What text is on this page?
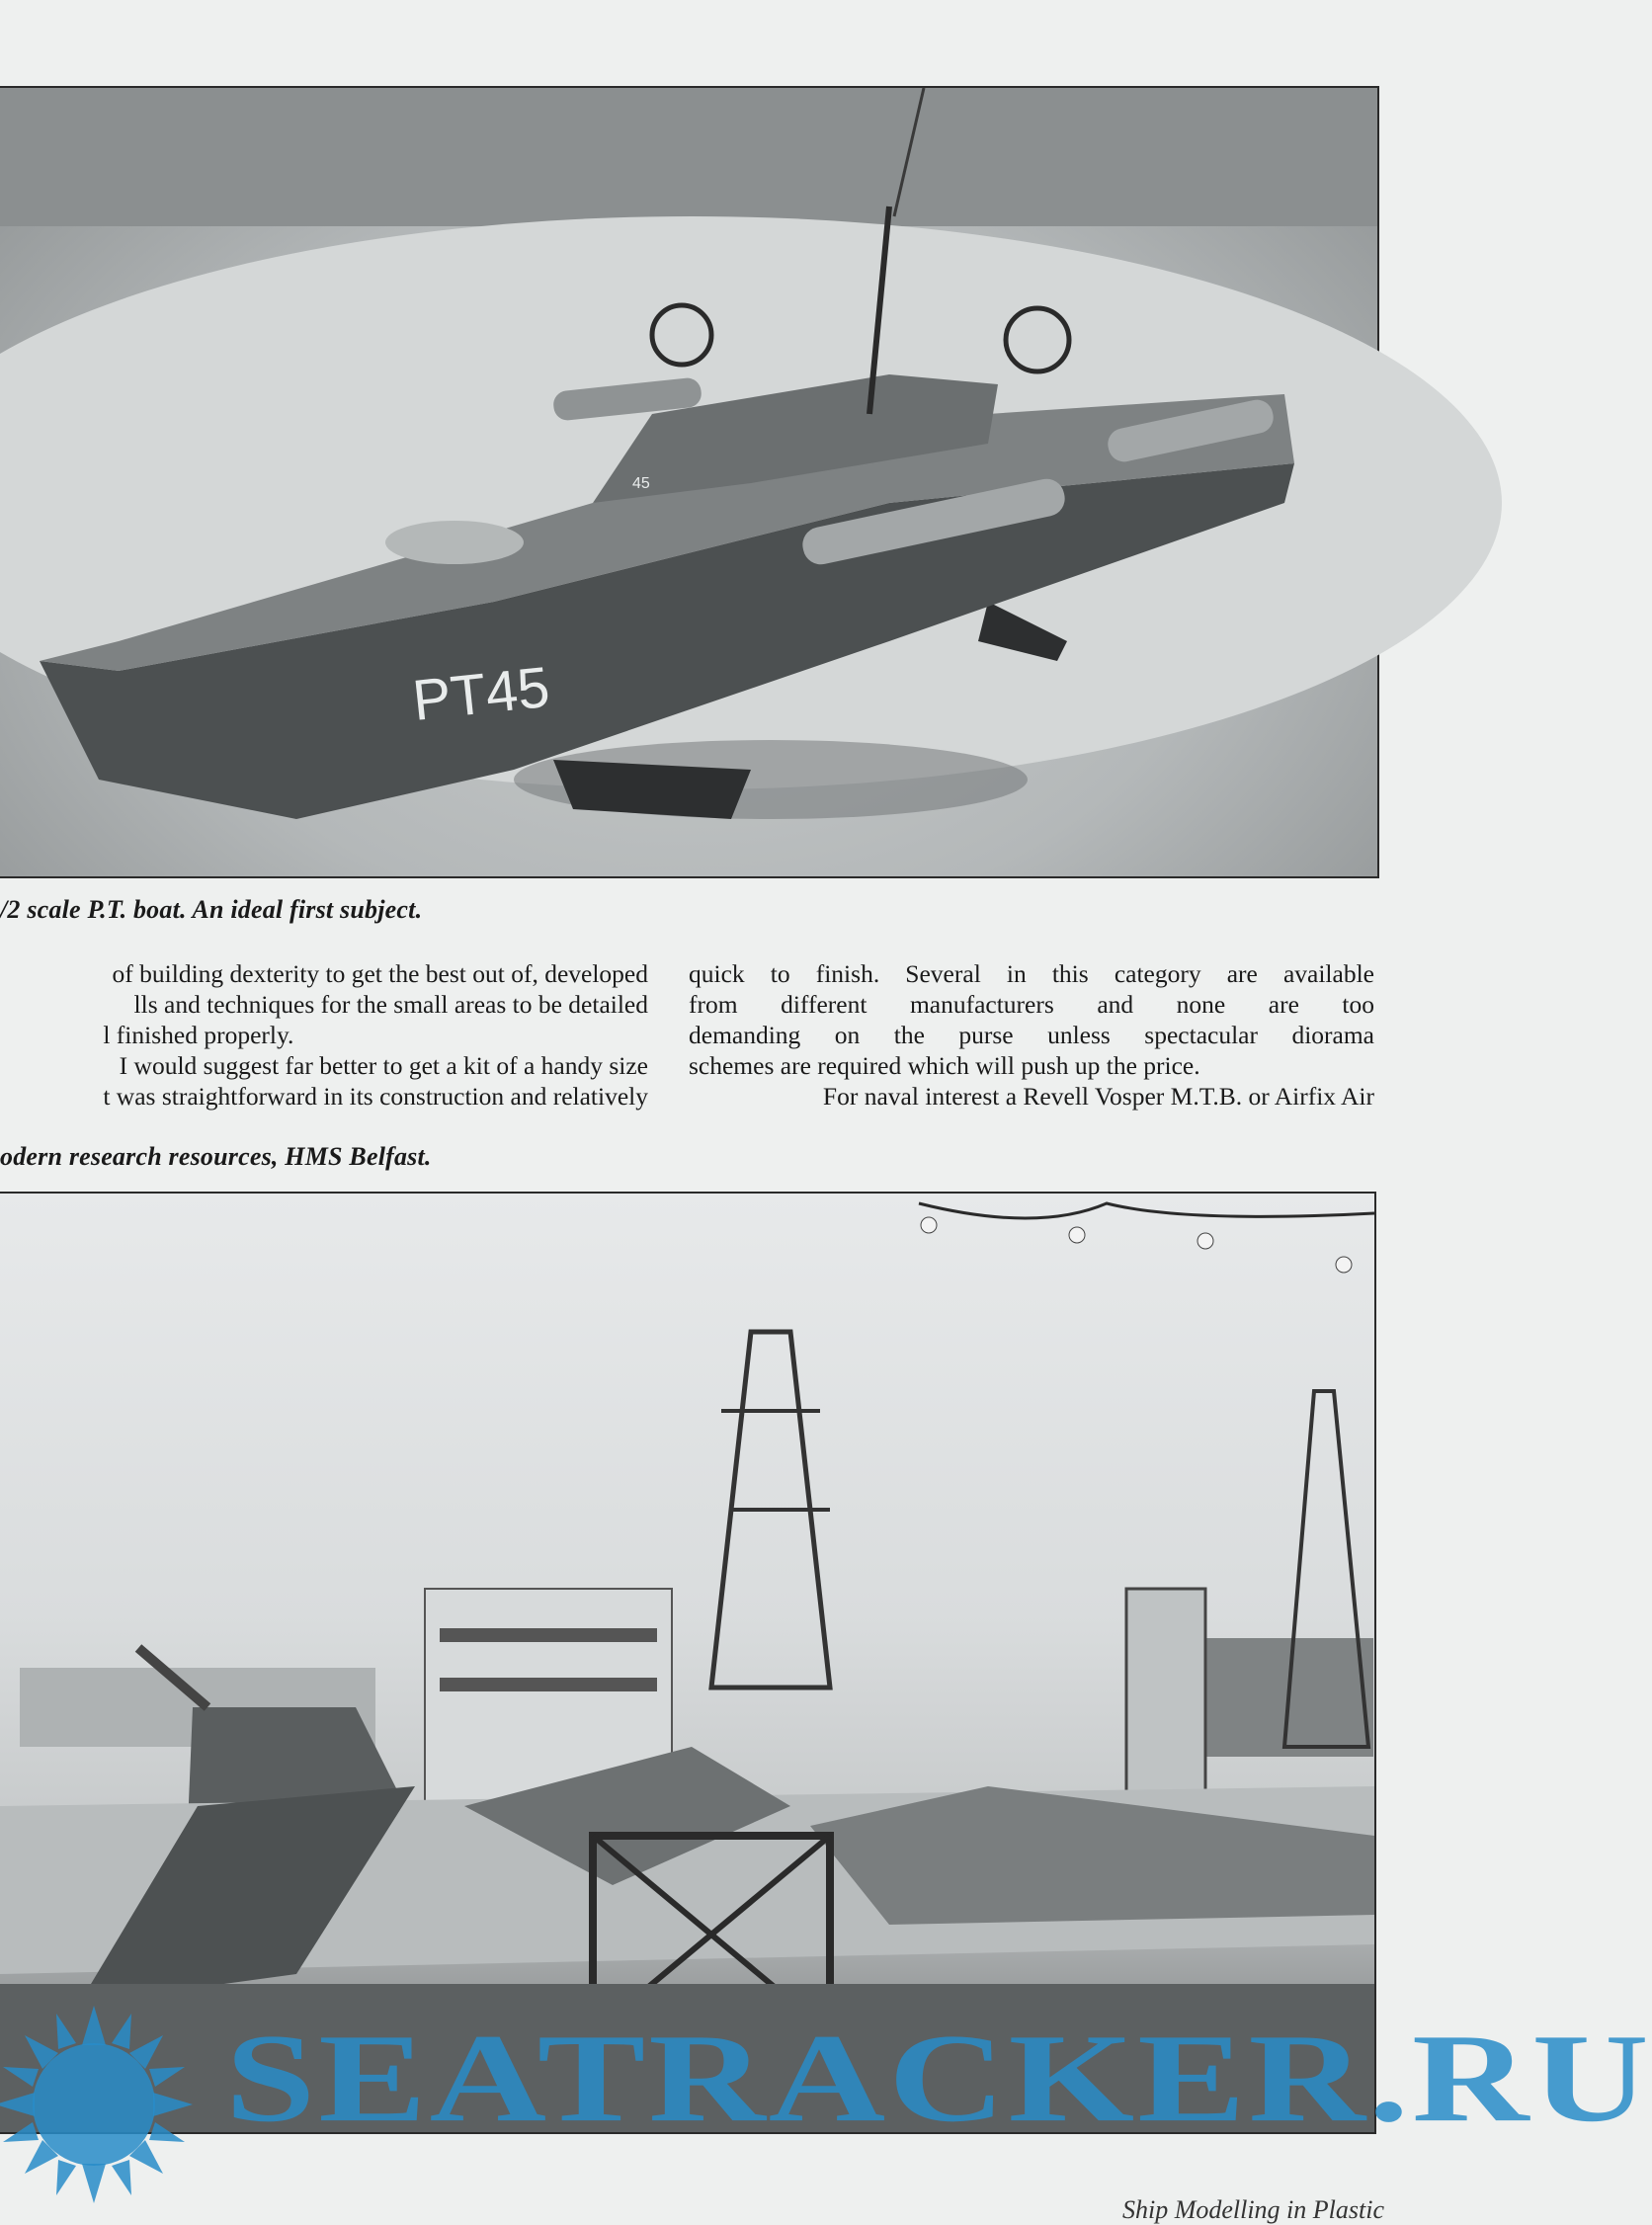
PT45
45

/2 scale P.T. boat. An ideal first subject.

of building dexterity to get the best out of, developed

lls and techniques for the small areas to be detailed

l finished properly.

I would suggest far better to get a kit of a handy size

t was straightforward in its construction and relatively

quick to finish. Several in this category are available

from different manufacturers and none are too

demanding on the purse unless spectacular diorama

schemes are required which will push up the price.

For naval interest a Revell Vosper M.T.B. or Airfix Air

odern research resources, HMS Belfast.

SEATRACKER.RU
Ship Modelling in Plastic
